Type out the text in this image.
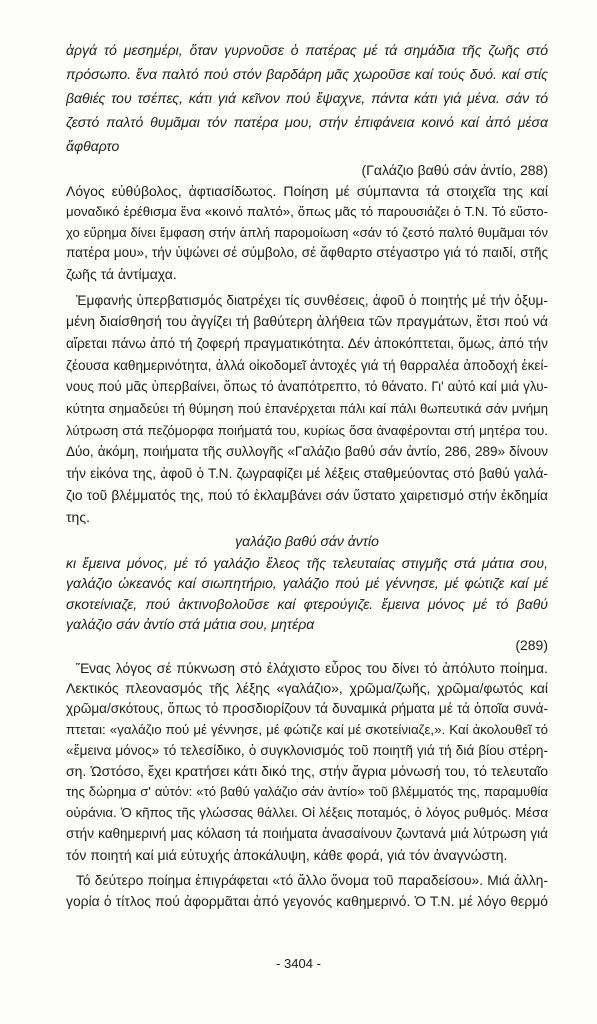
ἀργά τό μεσημέρι, ὅταν γυρνοῦσε ὁ πατέρας μέ τά σημάδια τῆς ζωῆς στό
πρόσωπο. ἕνα παλτό πού στόν βαρδάρη μᾶς χωροῦσε καί τούς δυό. καί στίς
βαθιές του τσέπες, κάτι γιά κεῖνον πού ἔψαχνε, πάντα κάτι γιά μένα. σάν τό
ζεστό παλτό θυμᾶμαι τόν πατέρα μου, στήν ἐπιφάνεια κοινό καί ἀπό μέσα
ἄφθαρτο
(Γαλάζιο βαθύ σάν ἀντίο, 288)
Λόγος εὐθύβολος, ἀφτιασίδωτος. Ποίηση μέ σύμπαντα τά στοιχεῖα της καί
μοναδικό ἐρέθισμα ἕνα «κοινό παλτό», ὅπως μᾶς τό παρουσιάζει ὁ Τ.Ν. Τό εὔστο-
χο εὕρημα δίνει ἔμφαση στήν ἁπλή παρομοίωση «σάν τό ζεστό παλτό θυμᾶμαι τόν
πατέρα μου», τήν ὑψώνει σέ σύμβολο, σέ ἄφθαρτο στέγαστρο γιά τό παιδί, στῆς
ζωῆς τά ἀντίμαχα.
Ἐμφανής ὑπερβατισμός διατρέχει τίς συνθέσεις, ἀφοῦ ὁ ποιητής μέ τήν ὀξυμ-
μένη διαίσθησή του ἀγγίζει τή βαθύτερη ἀλήθεια τῶν πραγμάτων, ἔτσι πού νά
αἴρεται πάνω ἀπό τή ζοφερή πραγματικότητα. Δέν ἀποκόπτεται, ὅμως, ἀπό τήν
ζέουσα καθημερινότητα, ἀλλά οἰκοδομεῖ ἀντοχές γιά τή θαρραλέα ἀποδοχή ἐκεί-
νους πού μᾶς ὑπερβαίνει, ὅπως τό ἀναπότρεπτο, τό θάνατο. Γι' αὐτό καί μιά γλυ-
κύτητα σημαδεύει τή θύμηση πού ἐπανέρχεται πάλι καί πάλι θωπευτικά σάν μνήμη
λύτρωση στά πεζόμορφα ποιήματά του, κυρίως ὅσα ἀναφέρονται στή μητέρα του.
Δύο, ἀκόμη, ποιήματα τῆς συλλογῆς «Γαλάζιο βαθύ σάν ἀντίο, 286, 289» δίνουν
τήν εἰκόνα της, ἀφοῦ ὁ Τ.Ν. ζωγραφίζει μέ λέξεις σταθμεύοντας στό βαθύ γαλά-
ζιο τοῦ βλέμματός της, πού τό ἐκλαμβάνει σάν ὕστατο χαιρετισμό στήν ἐκδημία
της.
γαλάζιο βαθύ σάν ἀντίο
κι ἔμεινα μόνος, μέ τό γαλάζιο ἔλεος τῆς τελευταίας στιγμῆς στά μάτια σου,
γαλάζιο ὠκεανός καί σιωπητήριο, γαλάζιο πού μέ γέννησε, μέ φώτιζε καί μέ
σκοτείνιαζε, πού ἀκτινοβολοῦσε καί φτερούγιζε. ἔμεινα μόνος μέ τό βαθύ
γαλάζιο σάν ἀντίο στά μάτια σου, μητέρα
(289)
Ἕνας λόγος σέ πύκνωση στό ἐλάχιστο εὖρος του δίνει τό ἀπόλυτο ποίημα.
Λεκτικός πλεονασμός τῆς λέξης «γαλάζιο», χρῶμα/ζωῆς, χρῶμα/φωτός καί
χρῶμα/σκότους, ὅπως τό προσδιορίζουν τά δυναμικά ρήματα μέ τά ὁποῖα συνά-
πτεται: «γαλάζιο πού μέ γέννησε, μέ φώτιζε καί μέ σκοτείνιαζε,». Καί ἀκολουθεῖ τό
«ἔμεινα μόνος» τό τελεσίδικο, ὁ συγκλονισμός τοῦ ποιητῆ γιά τή διά βίου στέρη-
ση. Ὡστόσο, ἔχει κρατήσει κάτι δικό της, στήν ἄγρια μόνωσή του, τό τελευταῖο
της δώρημα σ' αὐτόν: «τό βαθύ γαλάζιο σάν ἀντίο» τοῦ βλέμματός της, παραμυθία
οὐράνια. Ὁ κῆπος τῆς γλώσσας θάλλει. Οἱ λέξεις ποταμός, ὁ λόγος ρυθμός. Μέσα
στήν καθημερινή μας κόλαση τά ποιήματα ἀνασαίνουν ζωντανά μιά λύτρωση γιά
τόν ποιητή καί μιά εὐτυχής ἀποκάλυψη, κάθε φορά, γιά τόν ἀναγνώστη.
Τό δεύτερο ποίημα ἐπιγράφεται «τό ἄλλο ὄνομα τοῦ παραδείσου». Μιά ἀλλη-
γορία ὁ τίτλος πού ἀφορμᾶται ἀπό γεγονός καθημερινό. Ὁ Τ.Ν. μέ λόγο θερμό
- 3404 -
